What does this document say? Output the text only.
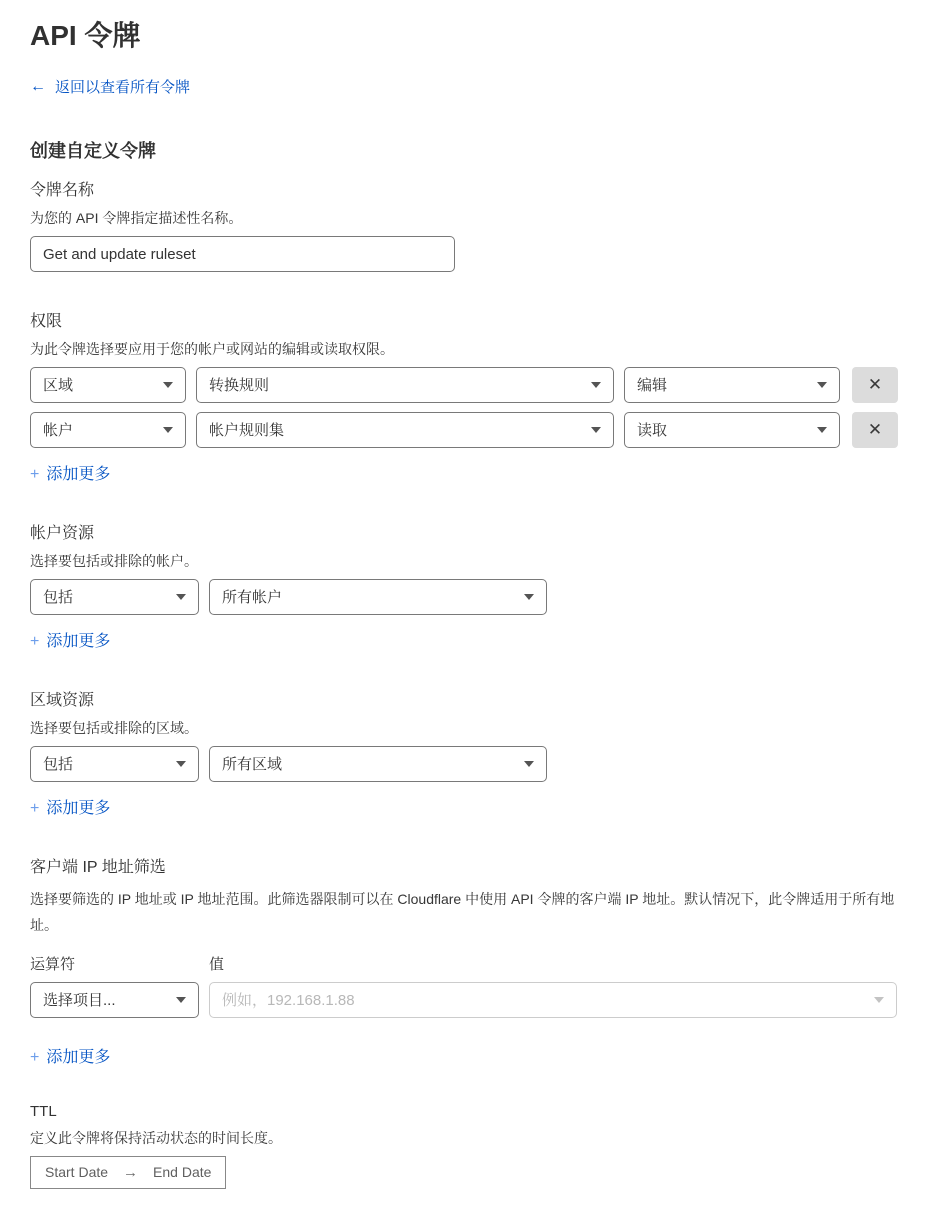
API 令牌
← 返回以查看所有令牌
创建自定义令牌
令牌名称

为您的 API 令牌指定描述性名称。

Get and update ruleset
权限

为此令牌选择要应用于您的帐户或网站的编辑或读取权限。

区域	转换规则	编辑	✕
帐户	帐户规则集	读取	✕
+ 添加更多
帐户资源

选择要包括或排除的帐户。

包括	所有帐户
+ 添加更多
区域资源

选择要包括或排除的区域。

包括	所有区域
+ 添加更多
客户端 IP 地址筛选

选择要筛选的 IP 地址或 IP 地址范围。此筛选器限制可以在 Cloudflare 中使用 API 令牌的客户端 IP 地址。默认情况下，此令牌适用于所有地址。

运算符	值
选择项目...	例如，192.168.1.88
+ 添加更多
TTL

定义此令牌将保持活动状态的时间长度。

Start Date → End Date
